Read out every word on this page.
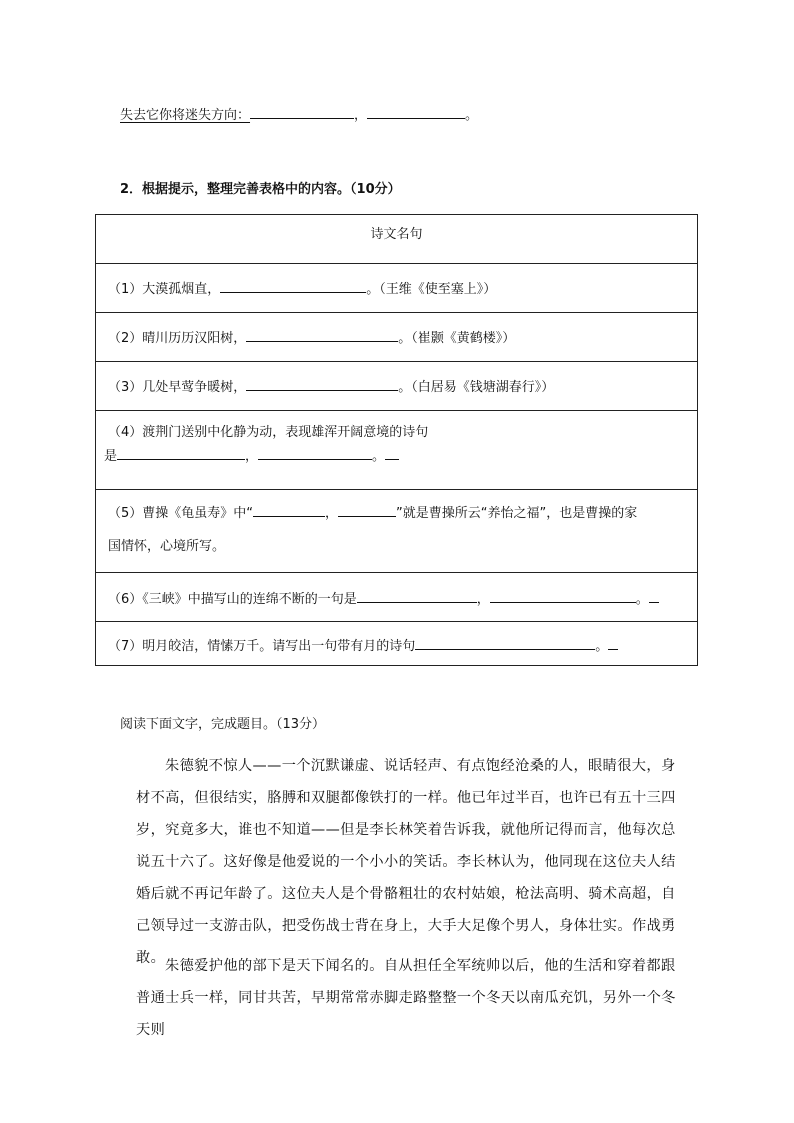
失去它你将迷失方向：	，	。
2．根据提示，整理完善表格中的内容。（10分）
诗文名句
（1）大漠孤烟直，	。（王维《使至塞上》）
（2）晴川历历汉阳树，	。（崔颢《黄鹤楼》）
（3）几处早莺争暖树，	。（白居易《钱塘湖春行》）
（4）渡荆门送别中化静为动，表现雄浑开阔意境的诗句
是	，	。
（5）曹操《龟虽寿》中“	，	”就是曹操所云“养怡之福”，也是曹操的家
国情怀，心境所写。
（6）《三峡》中描写山的连绵不断的一句是	，	。
（7）明月皎洁，情愫万千。请写出一句带有月的诗句	。
阅读下面文字，完成题目。（13分）
朱德貌不惊人——一个沉默谦虚、说话轻声、有点饱经沧桑的人，眼睛很大，身材不高，但很结实，胳膊和双腿都像铁打的一样。他已年过半百，也许已有五十三四岁，究竟多大，谁也不知道——但是李长林笑着告诉我，就他所记得而言，他每次总说五十六了。这好像是他爱说的一个小小的笑话。李长林认为，他同现在这位夫人结婚后就不再记年龄了。这位夫人是个骨骼粗壮的农村姑娘，枪法高明、骑术高超，自己领导过一支游击队，把受伤战士背在身上，大手大足像个男人，身体壮实。作战勇敢。 朱德爱护他的部下是天下闻名的。自从担任全军统帅以后，他的生活和穿着都跟普通士兵一样，同甘共苦，早期常常赤脚走路整整一个冬天以南瓜充饥，另外一个冬天则
